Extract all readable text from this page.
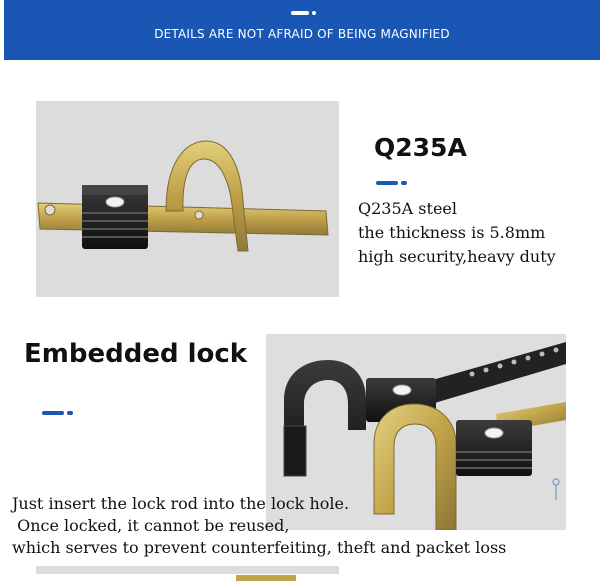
DETAILS ARE NOT AFRAID OF BEING MAGNIFIED
Q235A
Q235A steel
the thickness is 5.8mm
high security,heavy duty
Embedded lock
Just insert the lock rod into the lock hole.
Once locked, it cannot be reused,
which serves to prevent counterfeiting, theft and packet loss
